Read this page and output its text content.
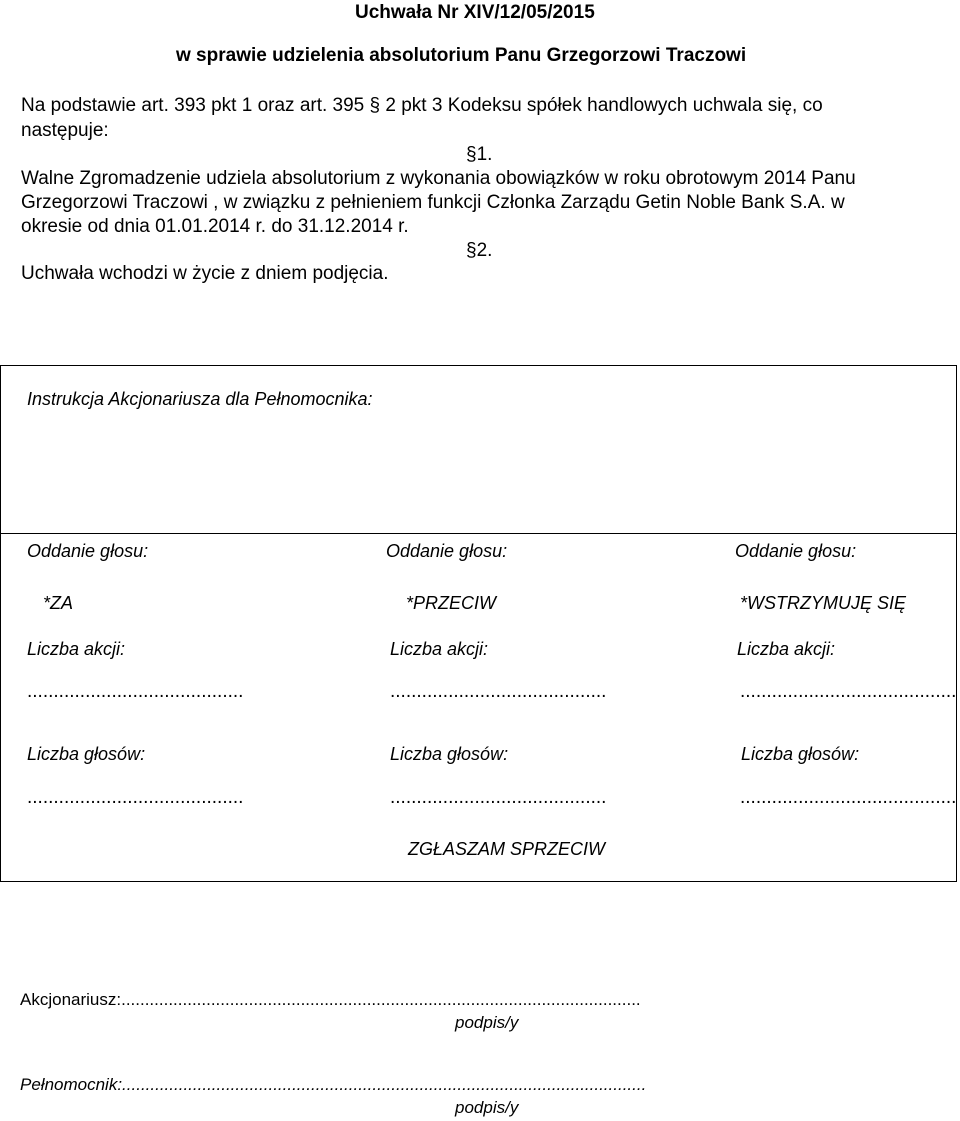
Uchwała Nr XIV/12/05/2015
w sprawie udzielenia absolutorium Panu Grzegorzowi Traczowi
Na podstawie art. 393 pkt 1 oraz art. 395 § 2 pkt 3 Kodeksu spółek handlowych uchwala się, co
następuje:
§1.
Walne Zgromadzenie udziela absolutorium z wykonania obowiązków w roku obrotowym 2014 Panu
Grzegorzowi Traczowi , w związku z pełnieniem funkcji Członka Zarządu Getin Noble Bank S.A. w
okresie od dnia 01.01.2014 r. do 31.12.2014 r.
§2.
Uchwała wchodzi w życie z dniem podjęcia.
Instrukcja Akcjonariusza dla Pełnomocnika:
Oddanie głosu:
*ZA
Liczba akcji:
.........................................
Liczba głosów:
.........................................
Oddanie głosu:
*PRZECIW
Liczba akcji:
.........................................
Liczba głosów:
.........................................
Oddanie głosu:
*WSTRZYMUJĘ SIĘ
Liczba akcji:
.........................................
Liczba głosów:
.........................................
ZGŁASZAM SPRZECIW
Akcjonariusz:..............................................................................................................
podpis/y
Pełnomocnik:...............................................................................................................
podpis/y
